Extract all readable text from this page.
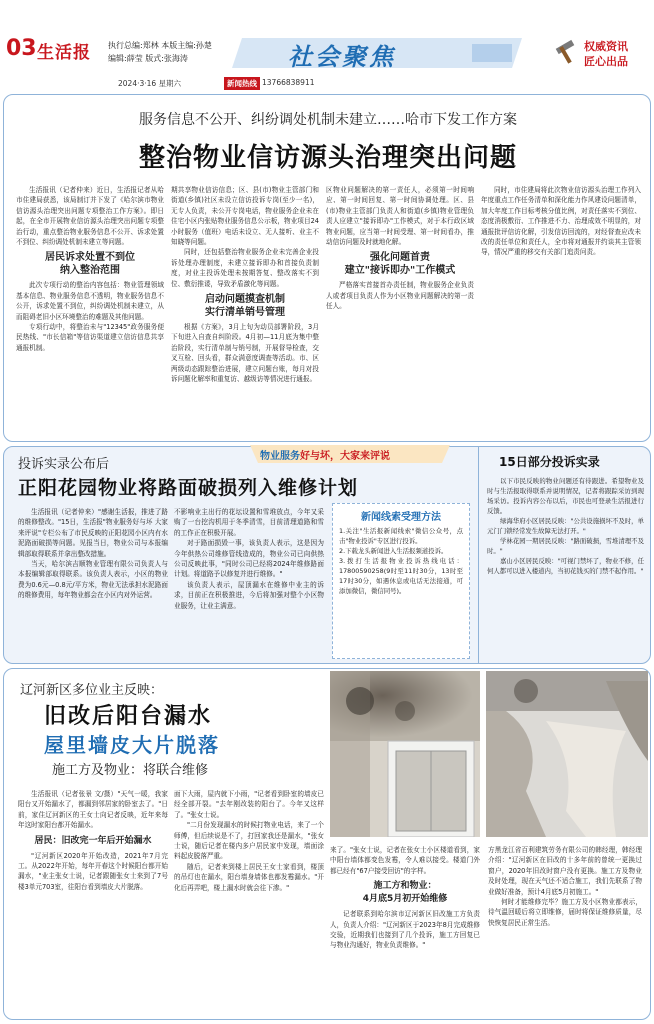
03 生活报 执行总编:郑林 本版主编:孙楚
编辑:薛莹 版式:张海涛	社会聚焦	权威资讯
匠心出品
2024·3·16 星期六	新闻热线 13766838911
服务信息不公开、纠纷调处机制未建立……哈市下发工作方案
整治物业信访源头治理突出问题

生活报讯（记者仲来）近日，生活报记者从哈市住建局获悉，该局制订并下发了《哈尔滨市物业信访源头治理突出问题专项整治工作方案》。即日起，在全市开展物业信访源头治理突出问题专项整治行动，重点整治物业服务信息不公开、诉求处置不到位、纠纷调处机制未建立等问题。

居民诉求处置不到位
纳入整治范围

此次专项行动的整治内容包括：物业管理领域基本信息、物业服务信息不透明，物业服务信息不公开，诉求处置不到位，纠纷调处机制未建立，从而阻碍老旧小区环境整治的难题及其他问题。

专项行动中，将整治未与"12345"政务服务便民热线、"市长信箱"等信访渠道建立信访信息共享通报机制。

期共享物业信访信息；区、县(市)物业主管部门和街道(乡镇)社区未设立信访投诉专岗(至少一名)，无专人负责，未公开专岗电话，物业服务企业未在住宅小区内张贴物业服务信息公示板，物业项目24小时服务（值班）电话未设立、无人接听、业主不知晓等问题。

同时，还包括整治物业服务企业未完善企业投诉处理办理制度，未建立接诉即办和首接负责制度，对业主投诉处理未按期答复、整改落实不到位、敷衍推诿，导致矛盾激化等问题。

启动问题摸查机制
实行清单销号管理

根据《方案》，3月上旬为动员部署阶段，3月下旬进入自查自纠阶段。4月初—11月底为集中整治阶段，实行清单制与销号制，开展督导检查，交叉互检、回头看，群众满意度调查等活动。市、区两级动态跟踪整治进展，建立问题台账，每月对投诉问题化解率和重复访、越级访等情况进行通报。

区物业问题解决的第一责任人，必须第一时间响应、第一时间回复、第一时间协调处理。区、县(市)物业主管部门负责人和街道(乡镇)物业管理负责人应建立"接诉即办"工作模式，对于本行政区域物业问题，应当第一时间受理、第一时间看办，推动信访问题及时就地化解。

强化问题首责
建立"接诉即办"工作模式

严格落实首接首办责任制，物业服务企业负责人或者项目负责人作为小区物业问题解决的第一责任人。

同时，市住建局将此次物业信访源头治理工作列入年度重点工作任务清单和深化能力作风建设问题清单，加大年度工作目标考核分值比例，对责任落实不到位、态度消极敷衍、工作推进不力、治理成效不明显的，对通报批评信访化解，引发信访回流的，对经督查应改未改的责任单位和责任人，全市将对通报并约谈其主管领导，情况严重的移交有关部门追责问责。

物业服务好与坏，大家来评说
投诉实录公布后
正阳花园物业将路面破损列入维修计划

生活报讯（记者仲来）"感谢生活报，推进了路的维修整改。"15日，生活报"物业服务好与坏 大家来评说"专栏公布了市民反映的正阳花园小区内有水泥路面破损等问题。见报当日，物业公司与本报编辑部取得联系并拿出整改措施。

当天，哈尔滨吉顺物业管理有限公司负责人与本报编辑部取得联系。该负责人表示，小区的物业费为0.6元—0.8元/平方米，物业无法承担水泥路面的维修费用，每年物业都会在小区内对外运营。

不影响业主出行的花坛设置和雪堆放点，今年又采购了一台挖沟机用于冬季清雪，目前清理道路和雪的工作正在积极开展。

对于路面损毁一事，该负责人表示，这是因为今年供热公司维修管线造成的，物业公司已向供热公司反映此事，"同时公司已经将2024年维修路面计划。将道路予以修复并进行维修。"

该负责人表示，屋顶漏水在维修中业主的诉求，目前正在积极推进，今后将加强对整个小区物业服务，让业主满意。

新闻线索受理方法
1.关注"生活报新闻线索"微信公众号，点击"物业投诉"专区进行投诉。
2.下载龙头新闻进入生活报频道投诉。
3.拨打生活报物业投诉热线电话：17800590258(9时至11时30分，13时至17时30分，如遇休息或电话无法接通，可添加微信，微信同号)。
15日部分投诉实录

以下市民反映的物业问题还有待跟进。希望物业及时与生活报取得联系并说明情况，记者将跟踪采访到现场采访。投诉内容公布以后，市民也可登录生活报进行反馈。

绿海华府小区居民反映："公共设施损坏不及时，单元门门锁经常发生故障无法打开。"

学林花园一期居民反映："路面破损，雪堆清理不及时。"

嘉山小区居民反映："可视门禁坏了，物业不修，任何人都可以进入楼道内，当初花钱买的门禁不起作用。"

辽河新区多位业主反映：
旧改后阳台漏水
屋里墙皮大片脱落
施工方及物业：将联合维修

生活报讯（记者张景 文/摄）"天气一暖，我家阳台又开始漏水了，都漏到邻居家的卧室去了。"日前，家住辽河新区的王女士向记者反映，近年来每年这时家阳台都开始漏水。

居民：旧改完一年后开始漏水

"辽河新区2020年开始改造，2021年7月完工。从2022年开始，每年开春这个时候阳台都开始漏水，"业主张女士说，记者跟随张女士来到了7号楼3单元703室，往阳台看到墙皮大片脱落。

面下大雨，屋内就下小雨，"记者看到卧室的墙皮已经全部开裂。"去年刚改装的阳台了。今年又这样了。"张女士说。

"二月份发现漏水的时候打物业电话，来了一个师傅，但后续说是不了，打回家我还是漏水，"张女士说，随后记者在楼内多户居民家中发现，墙面涂料起皮脱落严重。

随后，记者来到楼上居民王女士家看到，楼顶的吊灯也在漏水，阳台墙身墙体也都发霉漏水。"开化后再弄吧，楼上漏水时就会往下渗。"

来了。"张女士说，记者在张女士小区楼道看到，家中阳台墙体都变色发霉，令人难以接受。楼道门外都已经有"67户接受回访"的字样。

施工方和物业：
4月底5月初开始维修

记者联系到哈尔滨市辽河新区旧改施工方负责人，负责人介绍："辽河新区于2023年8月完成维修交验，近期我们也接到了几个投诉，施工方回复已与物业沟通好，物业负责维修。"

方黑龙江省百利建筑劳务有限公司的韩经理，韩经理介绍："辽河新区在旧改的十多年前的曾统一更换过窗户，2020年旧改时窗户没有更换。施工方及物业及时处理，现在天气还不适合施工，我们先联系了物业做好准备，预计4月底5月初施工。"

何时才能维修完毕？施工方及小区物业都表示，待气温回暖后将立即维修，届时将保证维修质量，尽快恢复居民正常生活。
